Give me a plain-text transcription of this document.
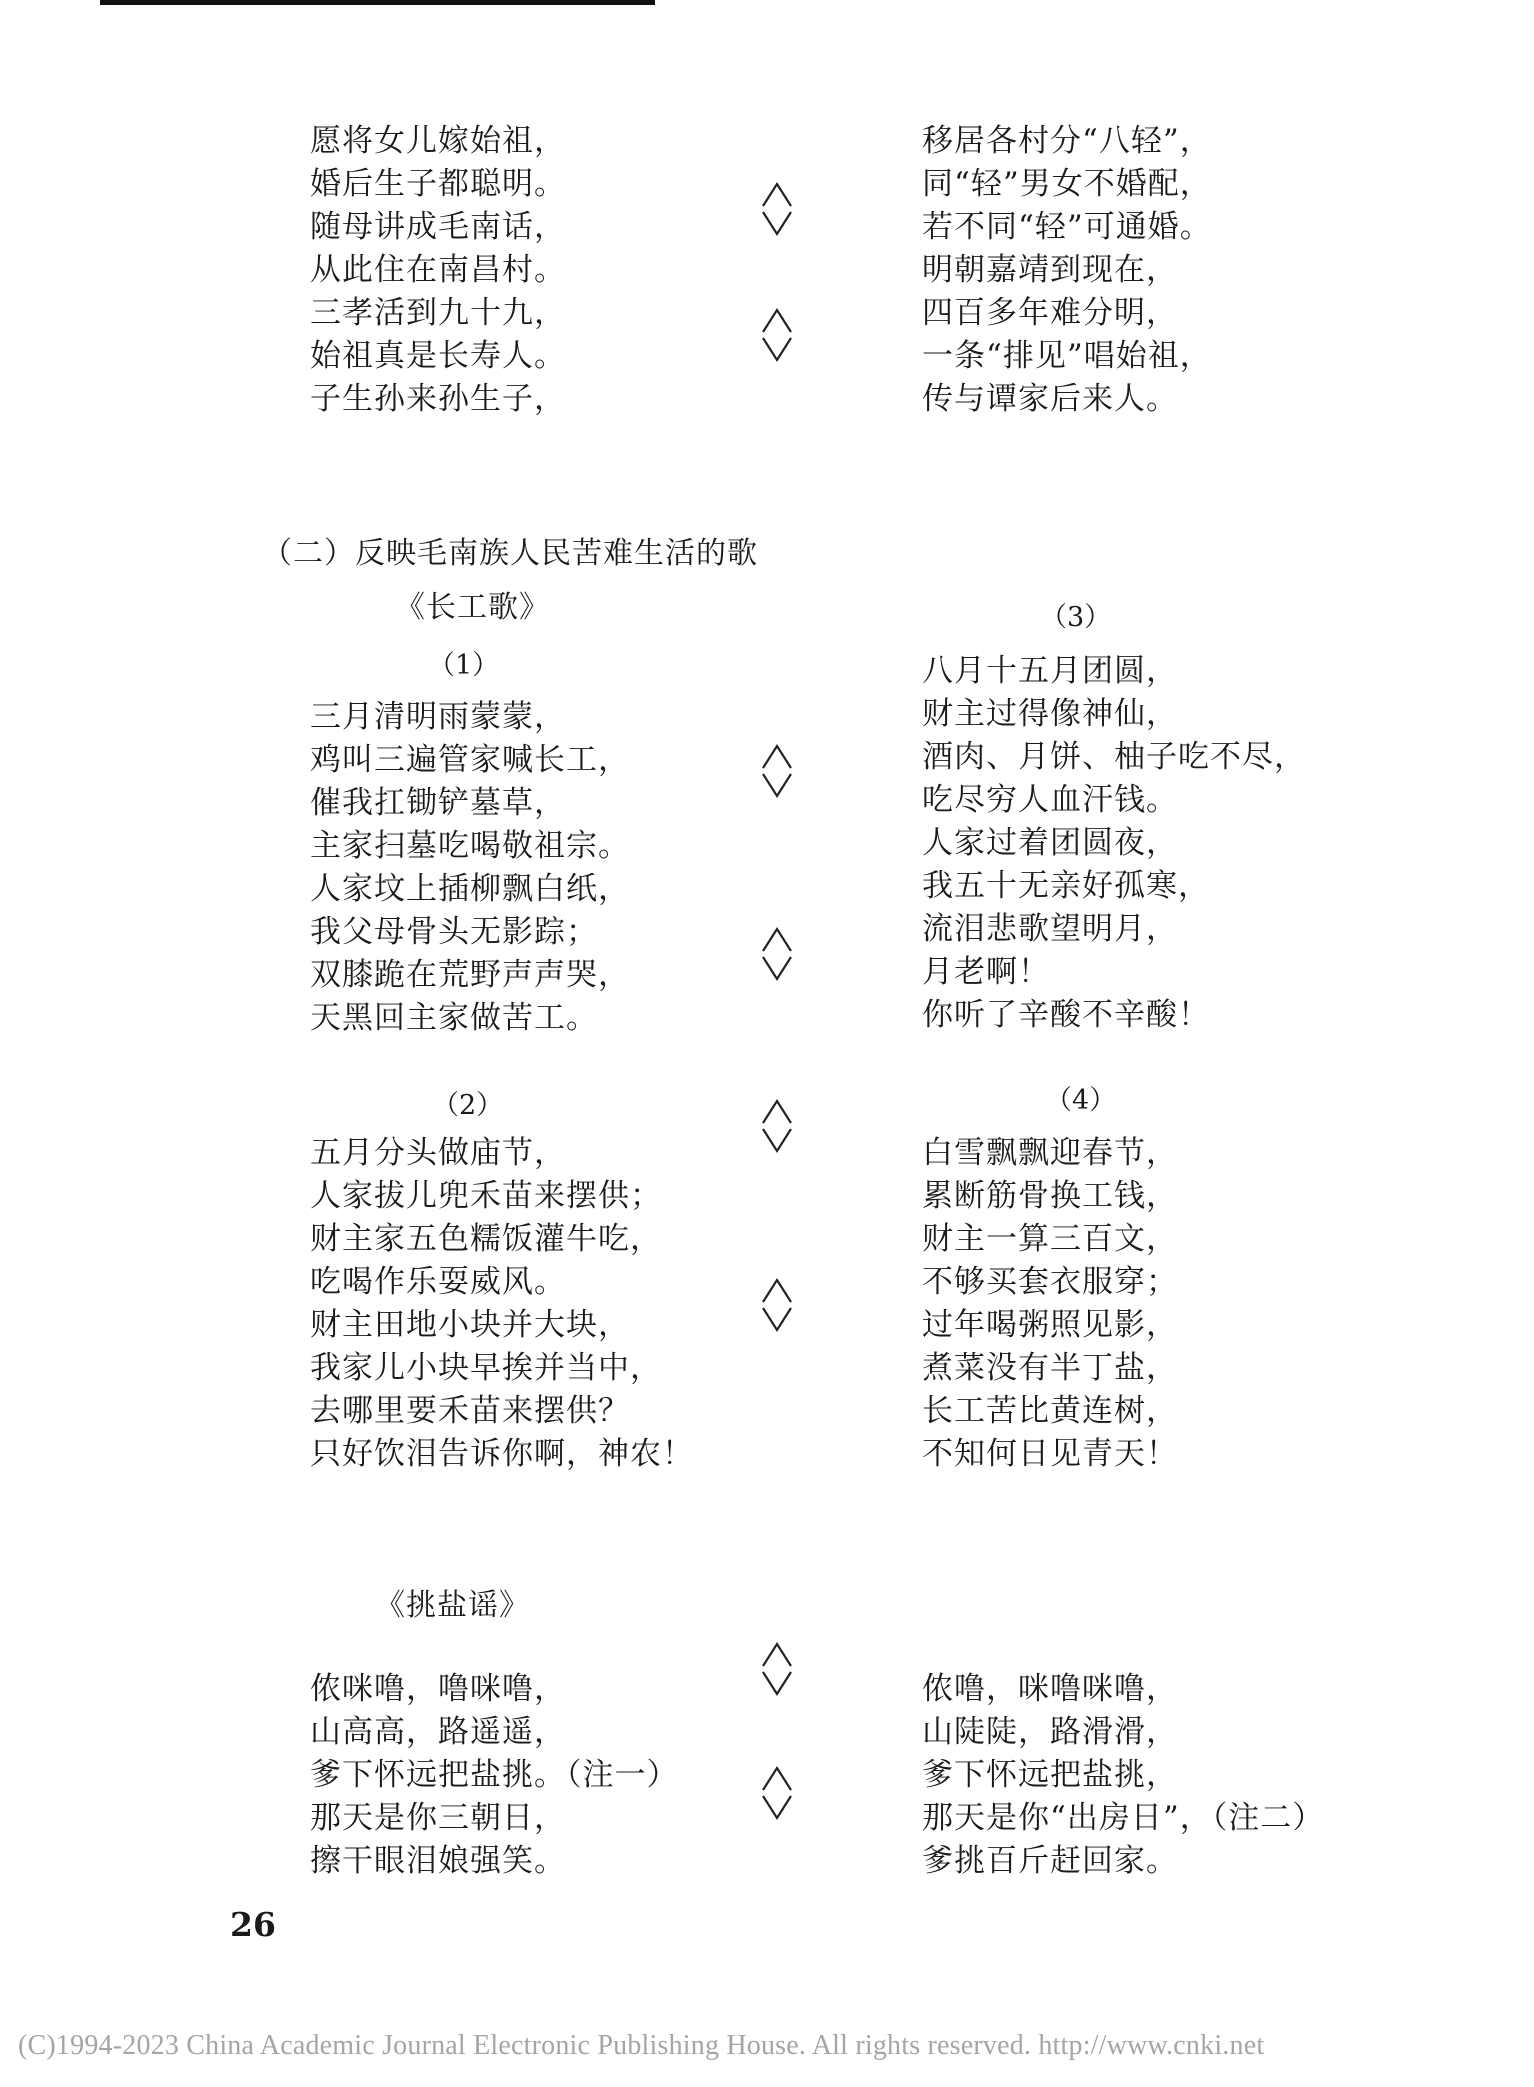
愿将女儿嫁始祖，
婚后生子都聪明。
随母讲成毛南话，
从此住在南昌村。
三孝活到九十九，
始祖真是长寿人。
子生孙来孙生子，
移居各村分“八轻”，
同“轻”男女不婚配，
若不同“轻”可通婚。
明朝嘉靖到现在，
四百多年难分明，
一条“排见”唱始祖，
传与谭家后来人。
（二）反映毛南族人民苦难生活的歌
《长工歌》
（1）
（3）
三月清明雨蒙蒙，
鸡叫三遍管家喊长工，
催我扛锄铲墓草，
主家扫墓吃喝敬祖宗。
人家坟上插柳飘白纸，
我父母骨头无影踪；
双膝跪在荒野声声哭，
天黑回主家做苦工。
八月十五月团圆，
财主过得像神仙，
酒肉、月饼、柚子吃不尽，
吃尽穷人血汗钱。
人家过着团圆夜，
我五十无亲好孤寒，
流泪悲歌望明月，
月老啊！
你听了辛酸不辛酸！
（2）	（4）
五月分头做庙节，
人家拔儿兜禾苗来摆供；
财主家五色糯饭灌牛吃，
吃喝作乐耍威风。
财主田地小块并大块，
我家儿小块早挨并当中，
去哪里要禾苗来摆供？
只好饮泪告诉你啊，神农！
白雪飘飘迎春节，
累断筋骨换工钱，
财主一算三百文，
不够买套衣服穿；
过年喝粥照见影，
煮菜没有半丁盐，
长工苦比黄连树，
不知何日见青天！
《挑盐谣》
侬咪噜，噜咪噜，
山高高，路遥遥，
爹下怀远把盐挑。（注一）
那天是你三朝日，
擦干眼泪娘强笑。
侬噜，咪噜咪噜，
山陡陡，路滑滑，
爹下怀远把盐挑，
那天是你“出房日”，（注二）
爹挑百斤赶回家。
26
(C)1994-2023 China Academic Journal Electronic Publishing House. All rights reserved. http://www.cnki.net
